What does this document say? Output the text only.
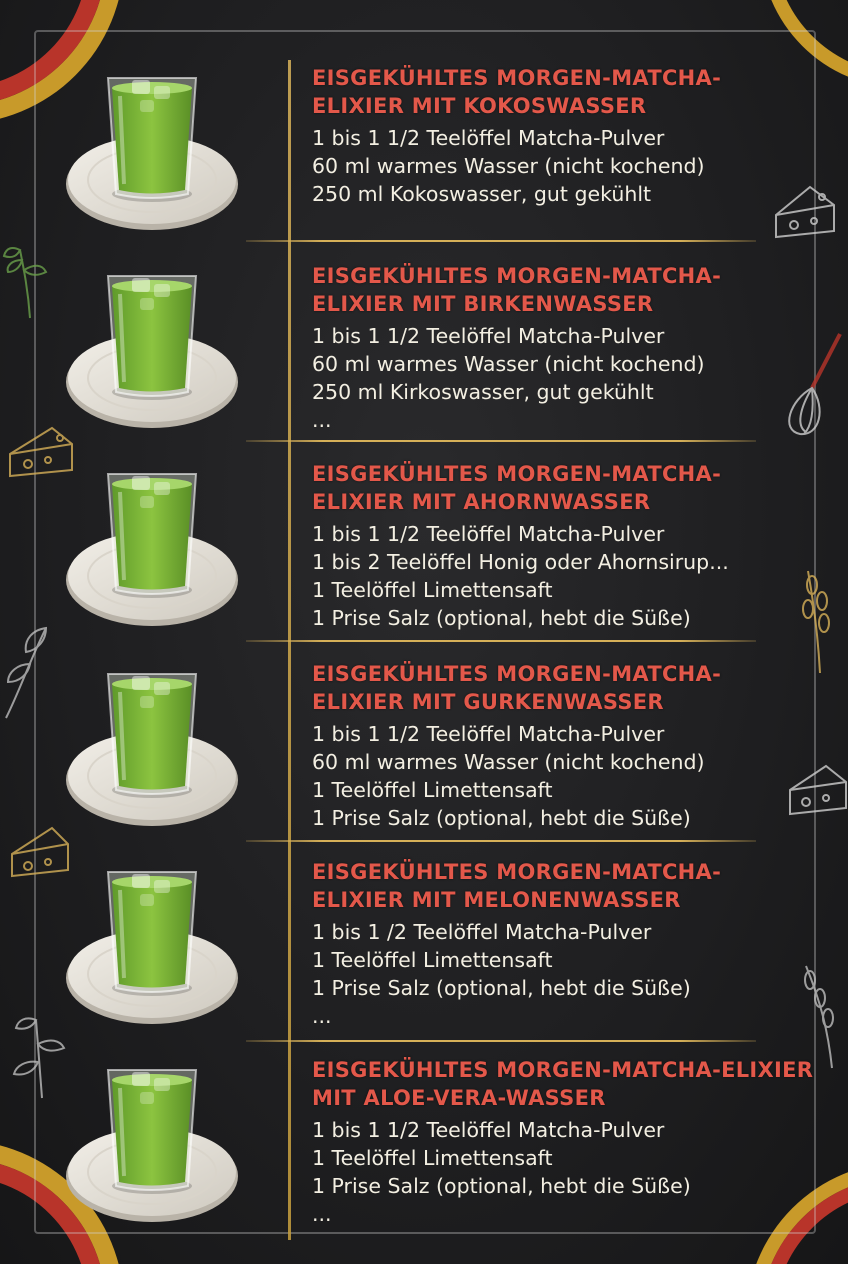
EISGEKÜHLTES MORGEN-MATCHA-
ELIXIER MIT KOKOSWASSER
1 bis 1 1/2 Teelöffel Matcha-Pulver
60 ml warmes Wasser (nicht kochend)
250 ml Kokoswasser, gut gekühlt
EISGEKÜHLTES MORGEN-MATCHA-
ELIXIER MIT BIRKENWASSER
1 bis 1 1/2 Teelöffel Matcha-Pulver
60 ml warmes Wasser (nicht kochend)
250 ml Kirkoswasser, gut gekühlt
...
EISGEKÜHLTES MORGEN-MATCHA-
ELIXIER MIT AHORNWASSER
1 bis 1 1/2 Teelöffel Matcha-Pulver
1 bis 2 Teelöffel Honig oder Ahornsirup...
1 Teelöffel Limettensaft
1 Prise Salz (optional, hebt die Süße)
EISGEKÜHLTES MORGEN-MATCHA-
ELIXIER MIT GURKENWASSER
1 bis 1 1/2 Teelöffel Matcha-Pulver
60 ml warmes Wasser (nicht kochend)
1 Teelöffel Limettensaft
1 Prise Salz (optional, hebt die Süße)
EISGEKÜHLTES MORGEN-MATCHA-
ELIXIER MIT MELONENWASSER
1 bis 1 /2 Teelöffel Matcha-Pulver
1 Teelöffel Limettensaft
1 Prise Salz (optional, hebt die Süße)
...
EISGEKÜHLTES MORGEN-MATCHA-ELIXIER
MIT ALOE-VERA-WASSER
1 bis 1 1/2 Teelöffel Matcha-Pulver
1 Teelöffel Limettensaft
1 Prise Salz (optional, hebt die Süße)
...
